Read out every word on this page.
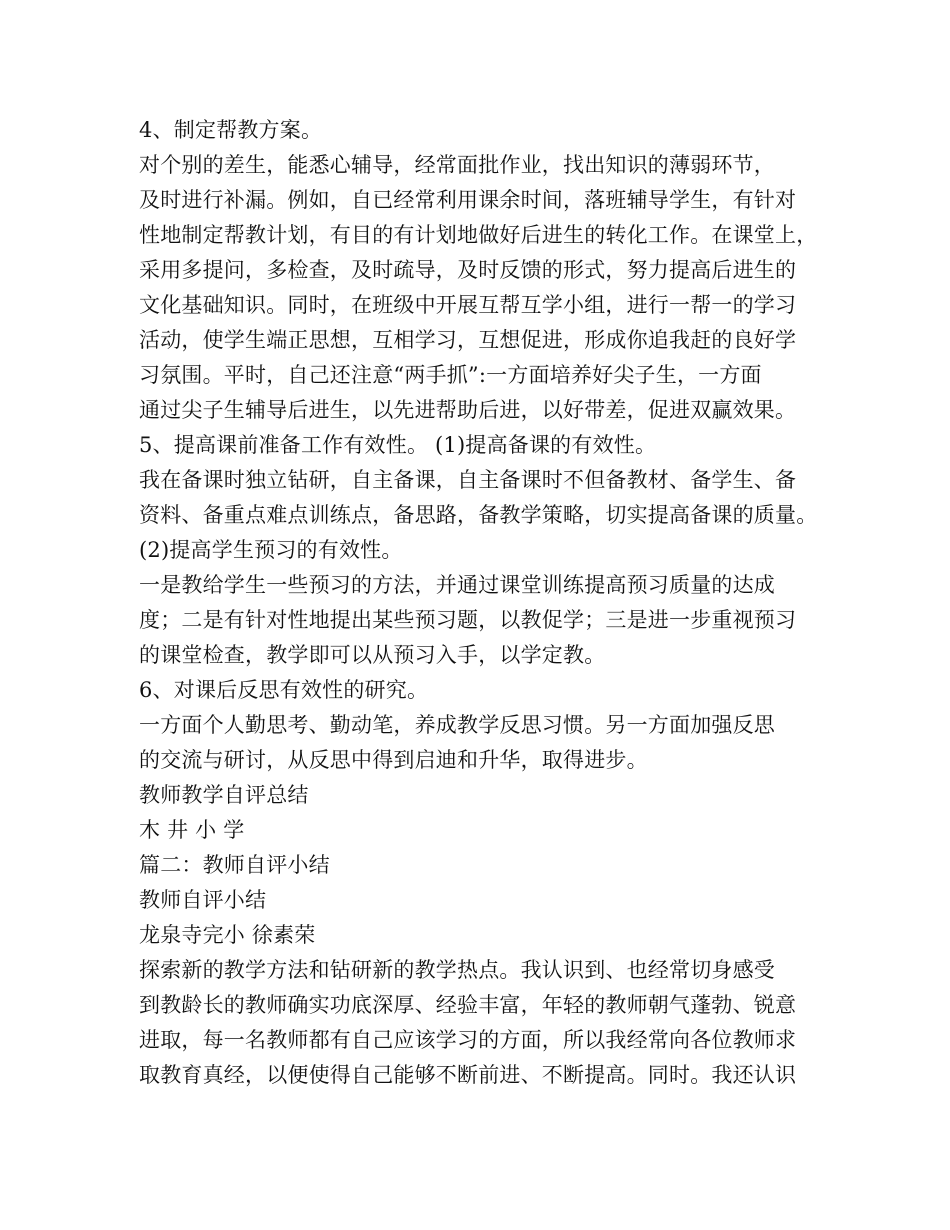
4、制定帮教方案。
对个别的差生，能悉心辅导，经常面批作业，找出知识的薄弱环节，
及时进行补漏。例如，自已经常利用课余时间，落班辅导学生，有针对
性地制定帮教计划，有目的有计划地做好后进生的转化工作。在课堂上，
采用多提问，多检查，及时疏导，及时反馈的形式，努力提高后进生的
文化基础知识。同时，在班级中开展互帮互学小组，进行一帮一的学习
活动，使学生端正思想，互相学习，互想促进，形成你追我赶的良好学
习氛围。平时，自己还注意“两手抓”:一方面培养好尖子生，一方面
通过尖子生辅导后进生，以先进帮助后进，以好带差，促进双赢效果。
5、提高课前准备工作有效性。 (1)提高备课的有效性。
我在备课时独立钻研，自主备课，自主备课时不但备教材、备学生、备
资料、备重点难点训练点，备思路，备教学策略，切实提高备课的质量。
(2)提高学生预习的有效性。
一是教给学生一些预习的方法，并通过课堂训练提高预习质量的达成
度；二是有针对性地提出某些预习题，以教促学；三是进一步重视预习
的课堂检查，教学即可以从预习入手，以学定教。
6、对课后反思有效性的研究。
一方面个人勤思考、勤动笔，养成教学反思习惯。另一方面加强反思
的交流与研讨，从反思中得到启迪和升华，取得进步。
教师教学自评总结
木 井 小 学
篇二：教师自评小结
教师自评小结
龙泉寺完小 徐素荣
探索新的教学方法和钻研新的教学热点。我认识到、也经常切身感受
到教龄长的教师确实功底深厚、经验丰富，年轻的教师朝气蓬勃、锐意
进取，每一名教师都有自己应该学习的方面，所以我经常向各位教师求
取教育真经，以便使得自己能够不断前进、不断提高。同时。我还认识
